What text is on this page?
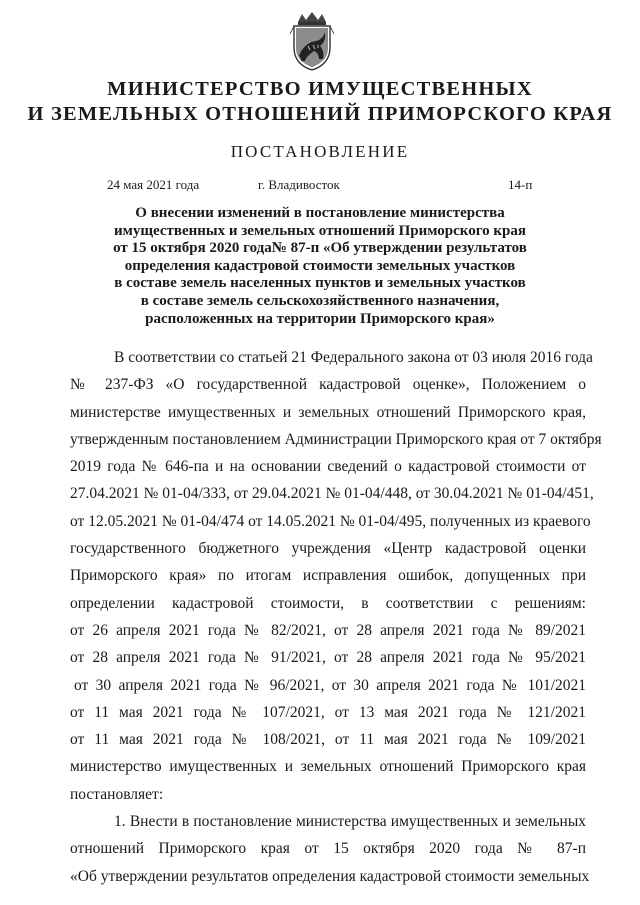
МИНИСТЕРСТВО ИМУЩЕСТВЕННЫХ
И ЗЕМЕЛЬНЫХ ОТНОШЕНИЙ ПРИМОРСКОГО КРАЯ
ПОСТАНОВЛЕНИЕ
24 мая 2021 года	г. Владивосток	14-п
О внесении изменений в постановление министерства
имущественных и земельных отношений Приморского края
от 15 октября 2020 года№ 87-п «Об утверждении результатов
определения кадастровой стоимости земельных участков
в составе земель населенных пунктов и земельных участков
в составе земель сельскохозяйственного назначения,
расположенных на территории Приморского края»
В соответствии со статьей 21 Федерального закона от 03 июля 2016 года
№ 237-ФЗ «О государственной кадастровой оценке», Положением о
министерстве имущественных и земельных отношений Приморского края,
утвержденным постановлением Администрации Приморского края от 7 октября
2019 года № 646-па и на основании сведений о кадастровой стоимости от
27.04.2021 № 01-04/333, от 29.04.2021 № 01-04/448, от 30.04.2021 № 01-04/451,
от 12.05.2021 № 01-04/474 от 14.05.2021 № 01-04/495, полученных из краевого
государственного бюджетного учреждения «Центр кадастровой оценки
Приморского края» по итогам исправления ошибок, допущенных при
определении кадастровой стоимости, в соответствии с решениям:
от 26 апреля 2021 года № 82/2021, от 28 апреля 2021 года № 89/2021
от 28 апреля 2021 года № 91/2021, от 28 апреля 2021 года № 95/2021
от 30 апреля 2021 года № 96/2021, от 30 апреля 2021 года № 101/2021
от 11 мая 2021 года № 107/2021, от 13 мая 2021 года № 121/2021
от 11 мая 2021 года № 108/2021, от 11 мая 2021 года № 109/2021
министерство имущественных и земельных отношений Приморского края
постановляет:
1. Внести в постановление министерства имущественных и земельных
отношений Приморского края от 15 октября 2020 года № 87-п
«Об утверждении результатов определения кадастровой стоимости земельных
